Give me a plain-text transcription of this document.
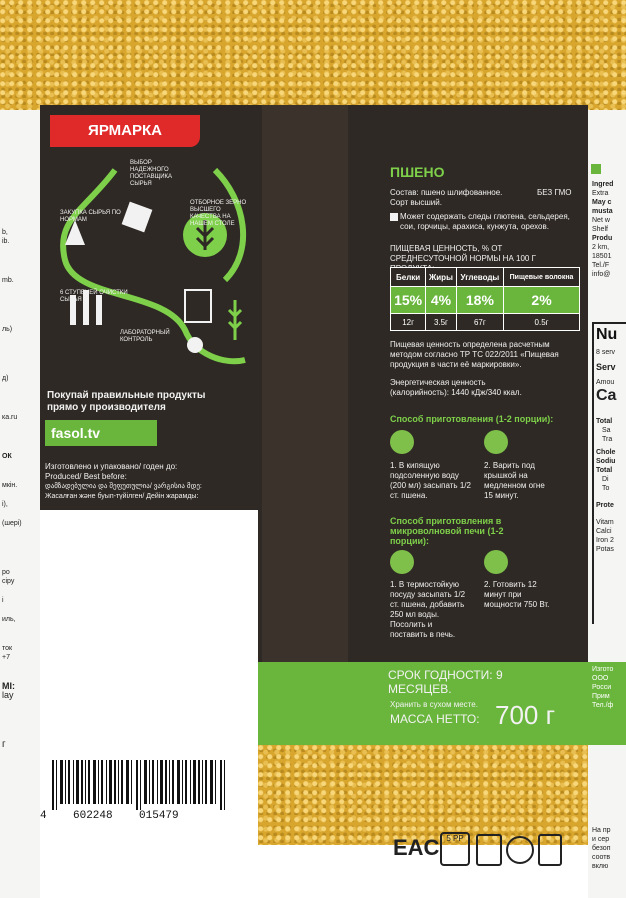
b,
ib.
mb.
ль)
д)
ка.ru
ОК
мкін.
і),
(шері)
ро
сіру
і
иль,
ток
+7
MI:
lay
г
ЯРМАРКА
ВЫБОР НАДЕЖНОГО ПОСТАВЩИКА СЫРЬЯ
ЗАКУПКА СЫРЬЯ ПО НОРМАМ
ОТБОРНОЕ ЗЕРНО ВЫСШЕГО КАЧЕСТВА НА НАШЕМ СТОЛЕ
6 СТУПЕНЕЙ ОЧИСТКИ СЫРЬЯ
ЛАБОРАТОРНЫЙ КОНТРОЛЬ
Покупай правильные продукты прямо у производителя
fasol.tv
Изготовлено и упаковано/ годен до:
Produced/ Best before:
დამზადებულია და შეფუთულია/ ვარგისია მდე:
Жасалған және буып-түйілген/ Дейін жарамды:
4    602248    015479
ПШЕНО
Состав: пшено шлифованное. Сорт высший.
БЕЗ ГМО
Может содержать следы глютена, сельдерея, сои, горчицы, арахиса, кунжута, орехов.
ПИЩЕВАЯ ЦЕННОСТЬ, % ОТ СРЕДНЕСУТОЧНОЙ НОРМЫ НА 100 Г ПРОДУКТА:
Белки	Жиры	Углеводы	Пищевые волокна
15%	4%	18%	2%
12г	3.5г	67г	0.5г
Пищевая ценность определена расчетным методом согласно ТР ТС 022/2011 «Пищевая продукция в части её маркировки».
Энергетическая ценность (калорийность): 1440 кДж/340 ккал.
Способ приготовления (1-2 порции):
1. В кипящую подсоленную воду (200 мл) засыпать 1/2 ст. пшена.
2. Варить под крышкой на медленном огне 15 минут.
Способ приготовления в микроволновой печи (1-2 порции):
1. В термостойкую посуду засыпать 1/2 ст. пшена, добавить 250 мл воды. Посолить и поставить в печь.
2. Готовить 12 минут при мощности 750 Вт.
СРОК ГОДНОСТИ: 9 МЕСЯЦЕВ.
Хранить в сухом месте.
МАССА НЕТТО: 700 г
EAC 5 PP
Ingred
Extra
May c
musta
Net w
Shelf
Produ
2 km,
18501
Tel./F
info@
Nu
8 serv
Serv
Amou
Ca
Total
Sa
Tra
Chole
Sodiu
Total
Di
To
Prote
Vitam
Calci
Iron 2
Potas
Изгото
ООО
Росси
Прим
Тел./ф
На пр
и сер
безоп
соотв
вклю
